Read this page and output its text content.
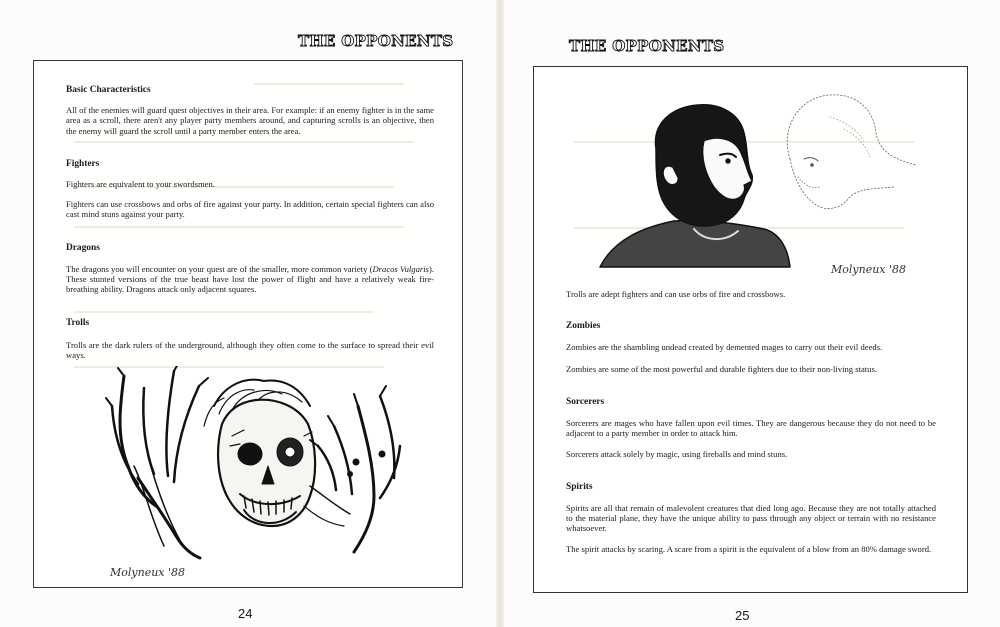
THE OPPONENTS
Basic Characteristics

All of the enemies will guard quest objectives in their area. For example: if an enemy fighter is in the same area as a scroll, there aren't any player party members around, and capturing scrolls is an objective, then the enemy will guard the scroll until a party member enters the area.

Fighters

Fighters are equivalent to your swordsmen.

Fighters can use crossbows and orbs of fire against your party. In addition, certain special fighters can also cast mind stuns against your party.

Dragons

The dragons you will encounter on your quest are of the smaller, more common variety (Dracos Vulgaris). These stunted versions of the true beast have lost the power of flight and have a relatively weak fire-breathing ability. Dragons attack only adjacent squares.

Trolls

Trolls are the dark rulers of the underground, although they often come to the surface to spread their evil ways.

Molyneux '88
24
THE OPPONENTS
Molyneux '88

Trolls are adept fighters and can use orbs of fire and crossbows.

Zombies

Zombies are the shambling undead created by demented mages to carry out their evil deeds.

Zombies are some of the most powerful and durable fighters due to their non-living status.

Sorcerers

Sorcerers are mages who have fallen upon evil times. They are dangerous because they do not need to be adjacent to a party member in order to attack him.

Sorcerers attack solely by magic, using fireballs and mind stuns.

Spirits

Spirits are all that remain of malevolent creatures that died long ago. Because they are not totally attached to the material plane, they have the unique ability to pass through any object or terrain with no resistance whatsoever.

The spirit attacks by scaring. A scare from a spirit is the equivalent of a blow from an 80% damage sword.

25
